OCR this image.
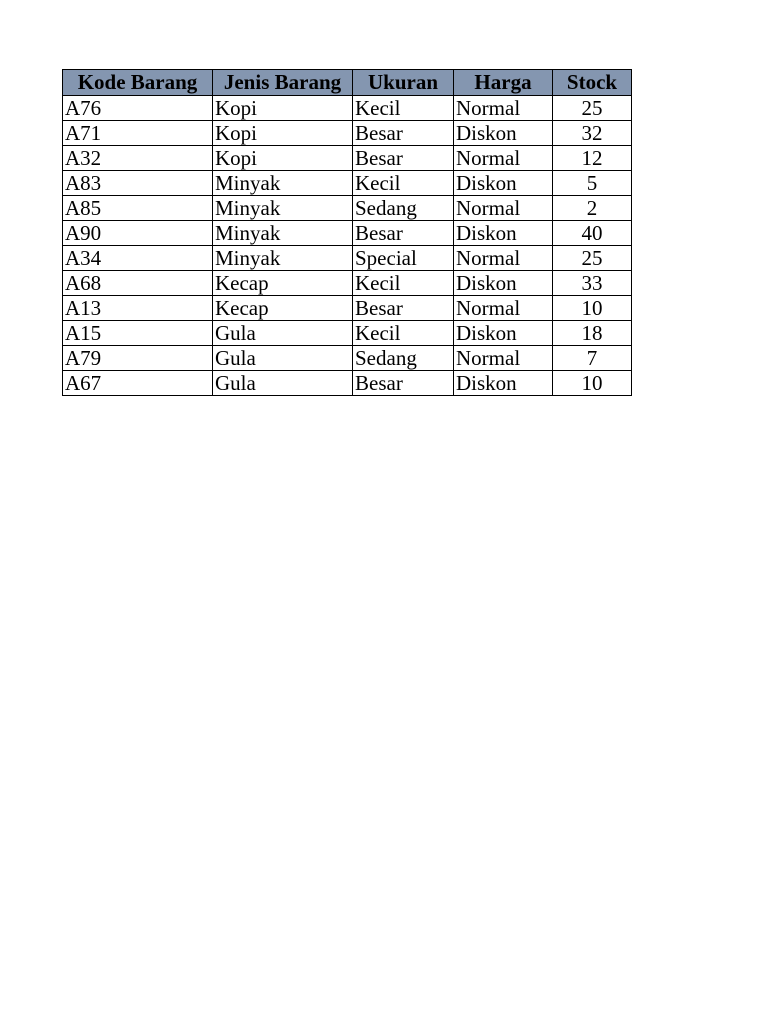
Kode Barang	Jenis Barang	Ukuran	Harga	Stock
A76	Kopi	Kecil	Normal	25
A71	Kopi	Besar	Diskon	32
A32	Kopi	Besar	Normal	12
A83	Minyak	Kecil	Diskon	5
A85	Minyak	Sedang	Normal	2
A90	Minyak	Besar	Diskon	40
A34	Minyak	Special	Normal	25
A68	Kecap	Kecil	Diskon	33
A13	Kecap	Besar	Normal	10
A15	Gula	Kecil	Diskon	18
A79	Gula	Sedang	Normal	7
A67	Gula	Besar	Diskon	10
